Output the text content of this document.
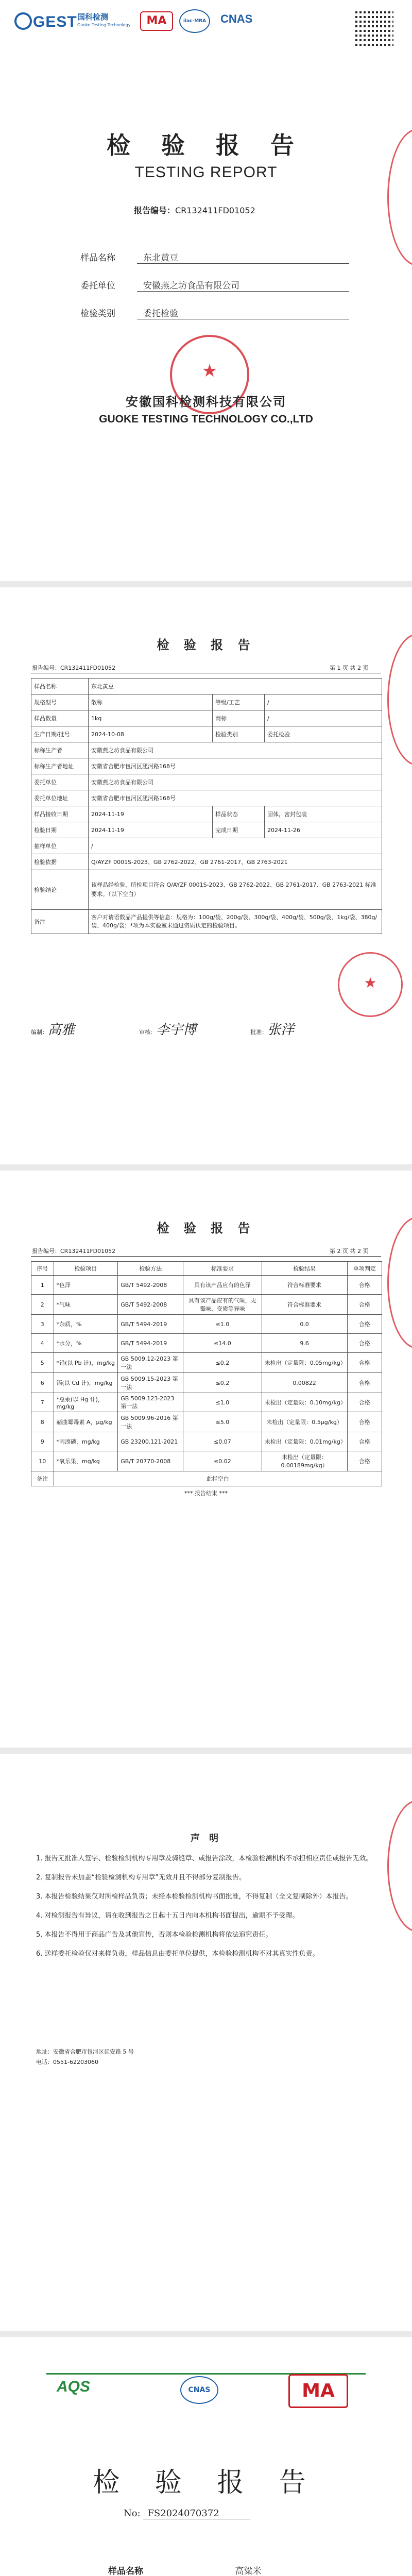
GEST 国科检测
Guoke Testing Technology	MA	ilac-MRA	CNAS
检 验 报 告
TESTING REPORT
报告编号：CR132411FD01052
样品名称	东北黄豆
委托单位	安徽燕之坊食品有限公司
检验类别	委托检验
★
安徽国科检测科技有限公司
GUOKE TESTING TECHNOLOGY CO.,LTD
检 验 报 告
报告编号：CR132411FD01052	第 1 页 共 2 页
样品名称	东北黄豆		
规格型号	散称	等级/工艺	/
样品数量	1kg	商标	/
生产日期/批号	2024-10-08	检验类别	委托检验
标称生产者	安徽燕之坊食品有限公司		
标称生产者地址	安徽省合肥市包河区淝河路168号		
委托单位	安徽燕之坊食品有限公司		
委托单位地址	安徽省合肥市包河区淝河路168号		
样品接收日期	2024-11-19	样品状态	固体，密封包装
检验日期	2024-11-19	完成日期	2024-11-26
抽样单位	/		
检验依据	Q/AYZF 0001S-2023、GB 2762-2022、GB 2761-2017、GB 2763-2021		
检验结论	该样品经检验，所检项目符合 Q/AYZF 0001S-2023、GB 2762-2022、GB 2761-2017、GB 2763-2021 标准要求。（以下空白）		
备注	客户对请语数品产品提供等信息：规格为：100g/袋、200g/袋、300g/袋、400g/袋、500g/袋、1kg/袋、380g/袋、400g/袋；*项为本实验室未通过资质认定的检验项目。		
★
编制：高雅	审核：李宇博	批准：张洋
检 验 报 告
报告编号：CR132411FD01052	第 2 页 共 2 页
序号	检验项目	检验方法	标准要求	检验结果	单项判定
1	*色泽	GB/T 5492-2008	具有该产品应有的色泽	符合标准要求	合格
2	*气味	GB/T 5492-2008	具有该产品应有的气味，无霉味、变质等异味	符合标准要求	合格
3	*杂质，%	GB/T 5494-2019	≤1.0	0.0	合格
4	*水分，%	GB/T 5494-2019	≤14.0	9.6	合格
5	*铅(以 Pb 计)，mg/kg	GB 5009.12-2023 第一法	≤0.2	未检出（定量限：0.05mg/kg）	合格
6	镉(以 Cd 计)，mg/kg	GB 5009.15-2023 第一法	≤0.2	0.00822	合格
7	*总汞(以 Hg 计)，mg/kg	GB 5009.123-2023 第一法	≤1.0	未检出（定量限：0.10mg/kg）	合格
8	赭曲霉毒素 A，μg/kg	GB 5009.96-2016 第一法	≤5.0	未检出（定量限：0.5μg/kg）	合格
9	*丙溴磷，mg/kg	GB 23200.121-2021	≤0.07	未检出（定量限：0.01mg/kg）	合格
10	*氧乐果，mg/kg	GB/T 20770-2008	≤0.02	未检出（定量限：0.00189mg/kg）	合格
备注	此栏空白				
*** 报告结束 ***
声 明

1. 报告无批准人签字、检验检测机构专用章及骑缝章、或报告涂改，本检验检测机构不承担相应责任或报告无效。

2. 复制报告未加盖“检验检测机构专用章”无效并且不得部分复制报告。

3. 本报告检验结果仅对所检样品负责；未经本检验检测机构书面批准，不得复制（全文复制除外）本报告。

4. 对检测报告有异议，请在收到报告之日起十五日内向本机构书面提出，逾期不予受理。

5. 本报告不得用于商品广告及其他宣传，否则本检验检测机构将依法追究责任。

6. 送样委托检验仅对来样负责，样品信息由委托单位提供，本检验检测机构不对其真实性负责。

地址：安徽省合肥市包河区延安路 5 号
电话：0551-62203060
AQS	CNAS	MA
检 验 报 告
No: FS2024070372
样品名称	高粱米
